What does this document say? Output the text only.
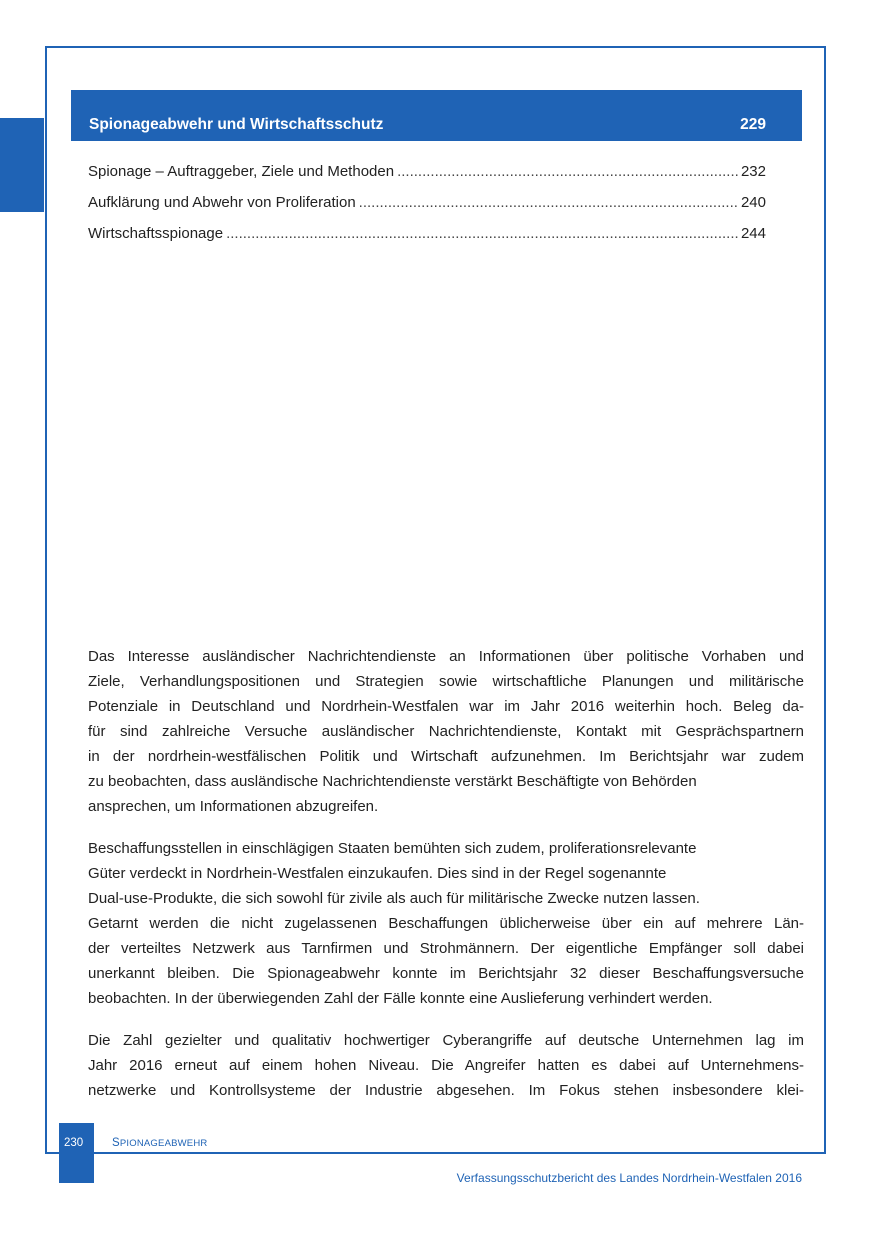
Spionageabwehr und Wirtschaftsschutz	229
Spionage – Auftraggeber, Ziele und Methoden .....	232
Aufklärung und Abwehr von Proliferation .....	240
Wirtschaftsspionage .....	244

Das Interesse ausländischer Nachrichtendienste an Informationen über politische Vorhaben und
Ziele, Verhandlungspositionen und Strategien sowie wirtschaftliche Planungen und militärische
Potenziale in Deutschland und Nordrhein-Westfalen war im Jahr 2016 weiterhin hoch. Beleg da-
für sind zahlreiche Versuche ausländischer Nachrichtendienste, Kontakt mit Gesprächspartnern
in der nordrhein-westfälischen Politik und Wirtschaft aufzunehmen. Im Berichtsjahr war zudem
zu beobachten, dass ausländische Nachrichtendienste verstärkt Beschäftigte von Behörden
ansprechen, um Informationen abzugreifen.

Beschaffungsstellen in einschlägigen Staaten bemühten sich zudem, proliferationsrelevante
Güter verdeckt in Nordrhein-Westfalen einzukaufen. Dies sind in der Regel sogenannte
Dual-use-Produkte, die sich sowohl für zivile als auch für militärische Zwecke nutzen lassen.
Getarnt werden die nicht zugelassenen Beschaffungen üblicherweise über ein auf mehrere Län-
der verteiltes Netzwerk aus Tarnfirmen und Strohmännern. Der eigentliche Empfänger soll dabei
unerkannt bleiben. Die Spionageabwehr konnte im Berichtsjahr 32 dieser Beschaffungsversuche
beobachten. In der überwiegenden Zahl der Fälle konnte eine Auslieferung verhindert werden.

Die Zahl gezielter und qualitativ hochwertiger Cyberangriffe auf deutsche Unternehmen lag im
Jahr 2016 erneut auf einem hohen Niveau. Die Angreifer hatten es dabei auf Unternehmens-
netzwerke und Kontrollsysteme der Industrie abgesehen. Im Fokus stehen insbesondere klei-

230	SPIONAGEABWEHR
Verfassungsschutzbericht des Landes Nordrhein-Westfalen 2016
